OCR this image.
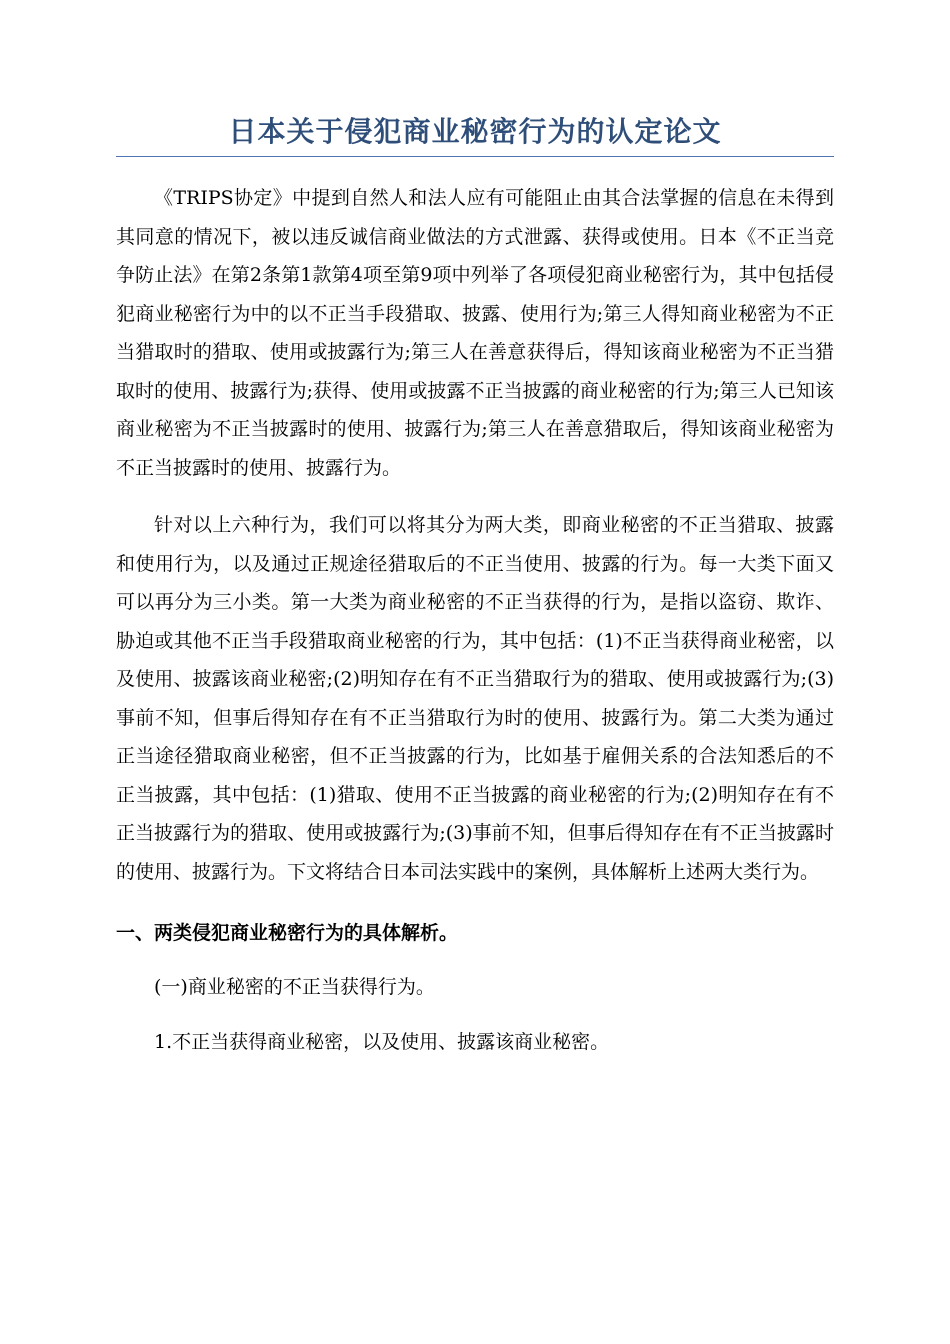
日本关于侵犯商业秘密行为的认定论文

《TRIPS协定》中提到自然人和法人应有可能阻止由其合法掌握的信息在未得到其同意的情况下，被以违反诚信商业做法的方式泄露、获得或使用。日本《不正当竞争防止法》在第2条第1款第4项至第9项中列举了各项侵犯商业秘密行为，其中包括侵犯商业秘密行为中的以不正当手段猎取、披露、使用行为;第三人得知商业秘密为不正当猎取时的猎取、使用或披露行为;第三人在善意获得后，得知该商业秘密为不正当猎取时的使用、披露行为;获得、使用或披露不正当披露的商业秘密的行为;第三人已知该商业秘密为不正当披露时的使用、披露行为;第三人在善意猎取后，得知该商业秘密为不正当披露时的使用、披露行为。

针对以上六种行为，我们可以将其分为两大类，即商业秘密的不正当猎取、披露和使用行为，以及通过正规途径猎取后的不正当使用、披露的行为。每一大类下面又可以再分为三小类。第一大类为商业秘密的不正当获得的行为，是指以盗窃、欺诈、胁迫或其他不正当手段猎取商业秘密的行为，其中包括：(1)不正当获得商业秘密，以及使用、披露该商业秘密;(2)明知存在有不正当猎取行为的猎取、使用或披露行为;(3)事前不知，但事后得知存在有不正当猎取行为时的使用、披露行为。第二大类为通过正当途径猎取商业秘密，但不正当披露的行为，比如基于雇佣关系的合法知悉后的不正当披露，其中包括：(1)猎取、使用不正当披露的商业秘密的行为;(2)明知存在有不正当披露行为的猎取、使用或披露行为;(3)事前不知，但事后得知存在有不正当披露时的使用、披露行为。下文将结合日本司法实践中的案例，具体解析上述两大类行为。

一、两类侵犯商业秘密行为的具体解析。

(一)商业秘密的不正当获得行为。

1.不正当获得商业秘密，以及使用、披露该商业秘密。
